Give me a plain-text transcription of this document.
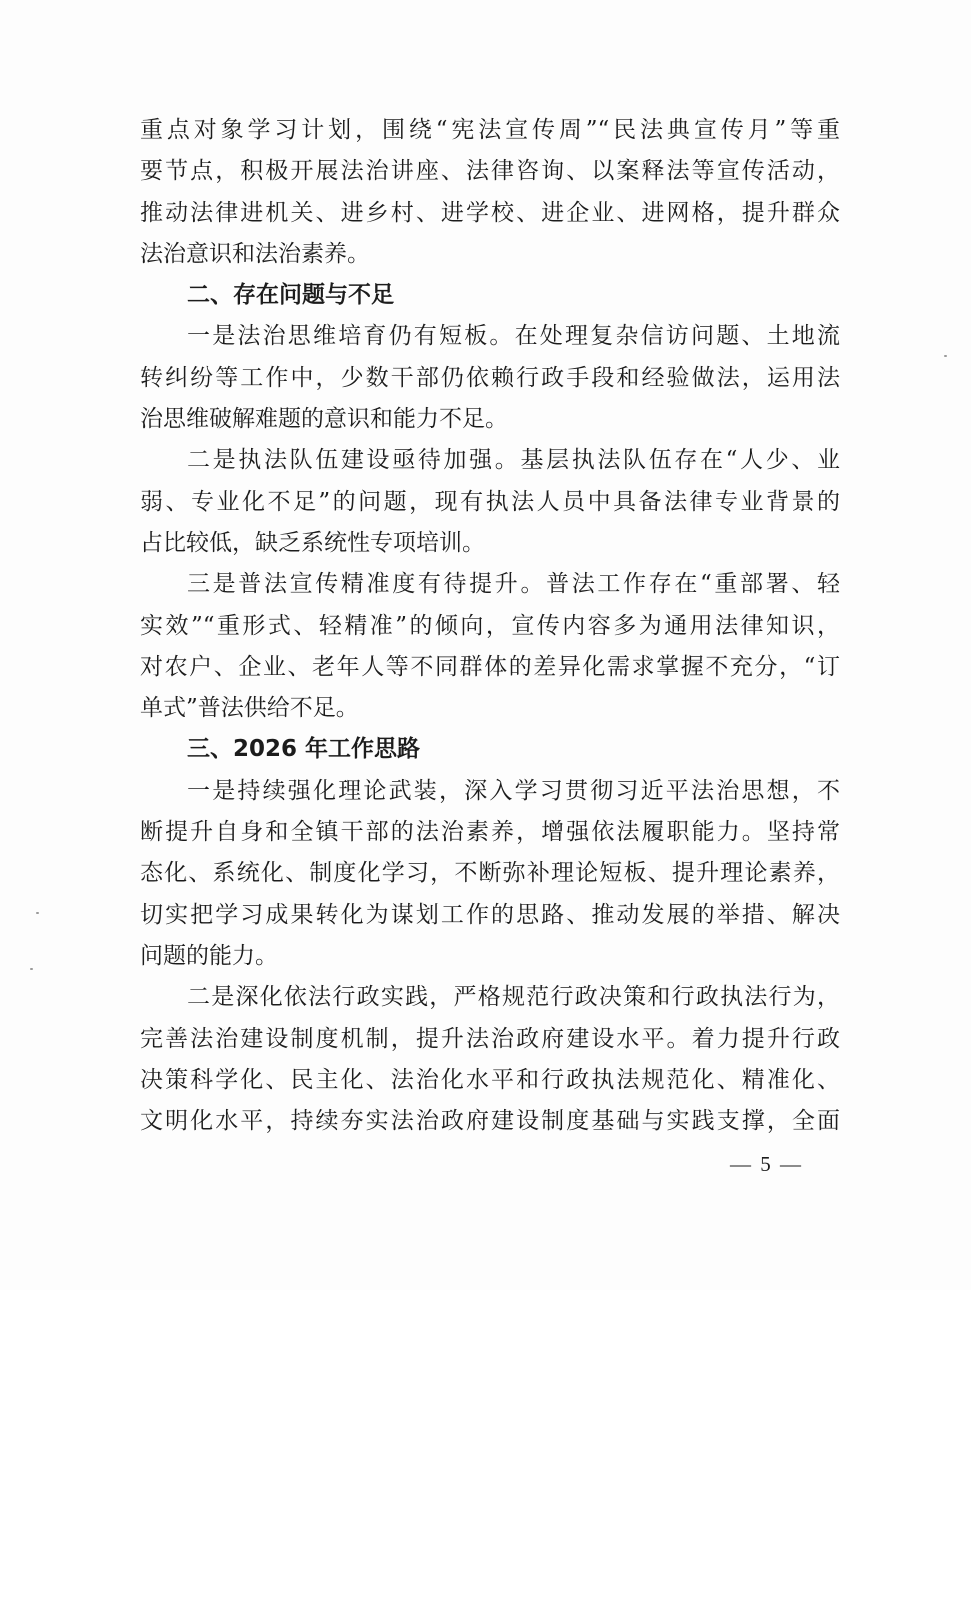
重点对象学习计划，围绕“宪法宣传周”“民法典宣传月”等重
要节点，积极开展法治讲座、法律咨询、以案释法等宣传活动，
推动法律进机关、进乡村、进学校、进企业、进网格，提升群众
法治意识和法治素养。
二、存在问题与不足
一是法治思维培育仍有短板。在处理复杂信访问题、土地流
转纠纷等工作中，少数干部仍依赖行政手段和经验做法，运用法
治思维破解难题的意识和能力不足。
二是执法队伍建设亟待加强。基层执法队伍存在“人少、业
弱、专业化不足”的问题，现有执法人员中具备法律专业背景的
占比较低，缺乏系统性专项培训。
三是普法宣传精准度有待提升。普法工作存在“重部署、轻
实效”“重形式、轻精准”的倾向，宣传内容多为通用法律知识，
对农户、企业、老年人等不同群体的差异化需求掌握不充分，“订
单式”普法供给不足。
三、2026 年工作思路
一是持续强化理论武装，深入学习贯彻习近平法治思想，不
断提升自身和全镇干部的法治素养，增强依法履职能力。坚持常
态化、系统化、制度化学习，不断弥补理论短板、提升理论素养，
切实把学习成果转化为谋划工作的思路、推动发展的举措、解决
问题的能力。
二是深化依法行政实践，严格规范行政决策和行政执法行为，
完善法治建设制度机制，提升法治政府建设水平。着力提升行政
决策科学化、民主化、法治化水平和行政执法规范化、精准化、
文明化水平，持续夯实法治政府建设制度基础与实践支撑，全面
— 5 —
